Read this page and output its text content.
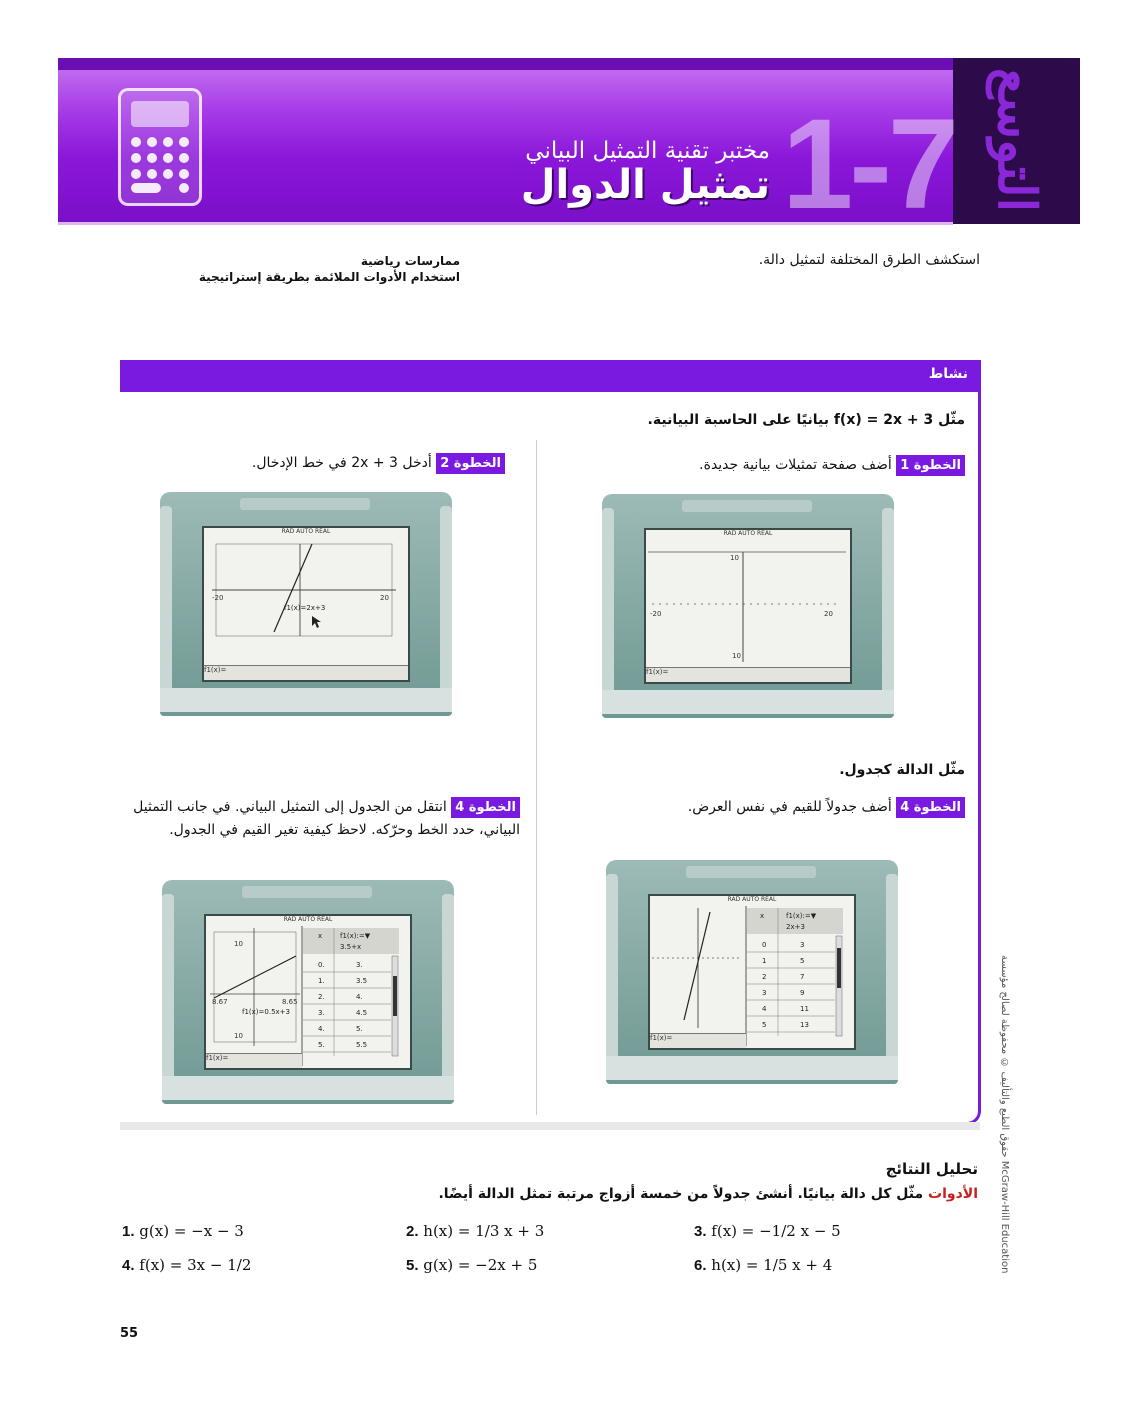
التوسع
1-7
مختبر تقنية التمثيل البياني
تمثيل الدوال
استكشف الطرق المختلفة لتمثيل دالة.
ممارسات رياضية
استخدام الأدوات الملائمة بطريقة إستراتيجية
نشاط
مثّل f(x) = 2x + 3 بيانيًا على الحاسبة البيانية.
مثّل الدالة كجدول.
الخطوة 1 أضف صفحة تمثيلات بيانية جديدة.
الخطوة 2 أدخل 2x + 3 في خط الإدخال.
الخطوة 4 أضف جدولاً للقيم في نفس العرض.
الخطوة 4 انتقل من الجدول إلى التمثيل البياني. في جانب التمثيل البياني، حدد الخط وحرّكه. لاحظ كيفية تغير القيم في الجدول.
RAD AUTO REAL
10
10
-20	20
f1(x)=
RAD AUTO REAL
-20	20
f1(x)=2x+3
f1(x)=
RAD AUTO REAL
x	f1(x):=▼
2x+3
0	3
1	5
2	7
3	9
4	11
5	13
f1(x)=
RAD AUTO REAL
10
10
8.67	8.65
f1(x)=0.5x+3
x	f1(x):=▼
3.5+x
0.	3.
1.	3.5
2.	4.
3.	4.5
4.	5.
5.	5.5
f1(x)=
تحليل النتائج
الأدوات مثّل كل دالة بيانيًا. أنشئ جدولاً من خمسة أزواج مرتبة تمثل الدالة أيضًا.
1. g(x) = −x − 3	2. h(x) = 1/3 x + 3	3. f(x) = −1/2 x − 5
4. f(x) = 3x − 1/2	5. g(x) = −2x + 5	6. h(x) = 1/5 x + 4
55
حقوق الطبع والتأليف © محفوظة لصالح مؤسسة McGraw-Hill Education
